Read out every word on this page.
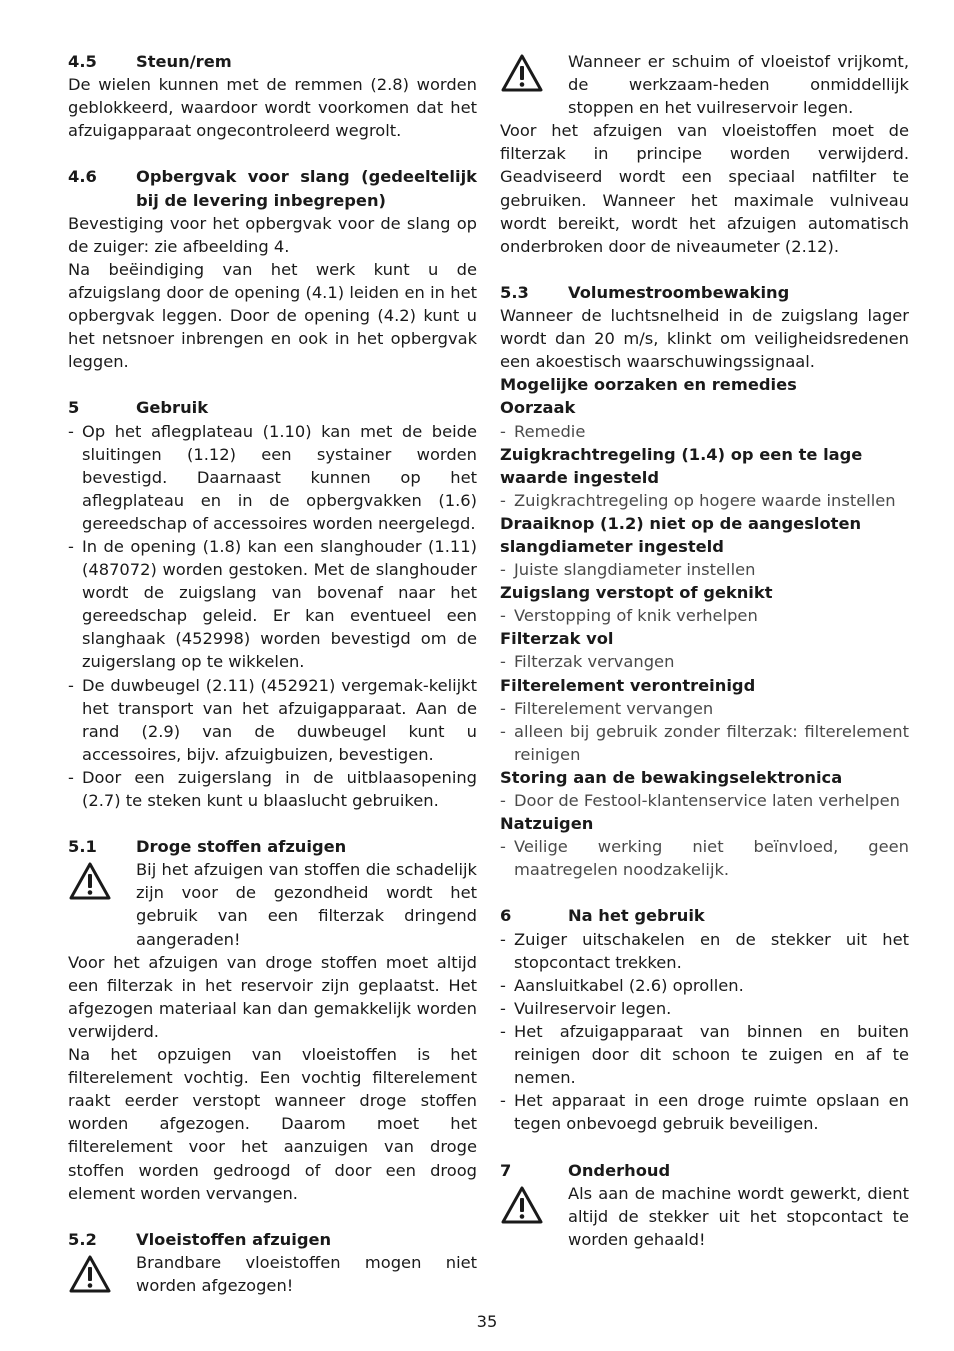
4.5	Steun/rem

De wielen kunnen met de remmen (2.8) worden geblokkeerd, waardoor wordt voorkomen dat het afzuigapparaat ongecontroleerd wegrolt.

4.6	Opbergvak voor slang (gedeeltelijk bij de levering inbegrepen)

Bevestiging voor het opbergvak voor de slang op de zuiger: zie afbeelding 4.

Na beëindiging van het werk kunt u de afzuigslang door de opening (4.1) leiden en in het opbergvak leggen. Door de opening (4.2) kunt u het netsnoer inbrengen en ook in het opbergvak leggen.

5	Gebruik
- Op het aflegplateau (1.10) kan met de beide sluitingen (1.12) een systainer worden bevestigd. Daarnaast kunnen op het aflegplateau en in de opbergvakken (1.6) gereedschap of accessoires worden neergelegd.
- In de opening (1.8) kan een slanghouder (1.11) (487072) worden gestoken. Met de slanghouder wordt de zuigslang van bovenaf naar het gereedschap geleid. Er kan eventueel een slanghaak (452998) worden bevestigd om de zuigerslang op te wikkelen.
- De duwbeugel (2.11) (452921) vergemak-kelijkt het transport van het afzuigapparaat. Aan de rand (2.9) van de duwbeugel kunt u accessoires, bijv. afzuigbuizen, bevestigen.
- Door een zuigerslang in de uitblaasopening (2.7) te steken kunt u blaaslucht gebruiken.
5.1	Droge stoffen afzuigen
Bij het afzuigen van stoffen die schadelijk zijn voor de gezondheid wordt het gebruik van een filterzak dringend aangeraden!

Voor het afzuigen van droge stoffen moet altijd een filterzak in het reservoir zijn geplaatst. Het afgezogen materiaal kan dan gemakkelijk worden verwijderd.

Na het opzuigen van vloeistoffen is het filterelement vochtig. Een vochtig filterelement raakt eerder verstopt wanneer droge stoffen worden afgezogen. Daarom moet het filterelement voor het aanzuigen van droge stoffen worden gedroogd of door een droog element worden vervangen.

5.2	Vloeistoffen afzuigen
Brandbare vloeistoffen mogen niet worden afgezogen!
Wanneer er schuim of vloeistof vrijkomt, de werkzaam-heden onmiddellijk stoppen en het vuilreservoir legen.

Voor het afzuigen van vloeistoffen moet de filterzak in principe worden verwijderd. Geadviseerd wordt een speciaal natfilter te gebruiken. Wanneer het maximale vulniveau wordt bereikt, wordt het afzuigen automatisch onderbroken door de niveaumeter (2.12).

5.3	Volumestroombewaking

Wanneer de luchtsnelheid in de zuigslang lager wordt dan 20 m/s, klinkt om veiligheidsredenen een akoestisch waarschuwingssignaal.

Mogelijke oorzaken en remedies
Oorzaak
- Remedie
Zuigkrachtregeling (1.4) op een te lage waarde ingesteld
- Zuigkrachtregeling op hogere waarde instellen
Draaiknop (1.2) niet op de aangesloten slangdiameter ingesteld
- Juiste slangdiameter instellen
Zuigslang verstopt of geknikt
- Verstopping of knik verhelpen
Filterzak vol
- Filterzak vervangen
Filterelement verontreinigd
- Filterelement vervangen
- alleen bij gebruik zonder filterzak: filterelement reinigen
Storing aan de bewakingselektronica
- Door de Festool-klantenservice laten verhelpen
Natzuigen
- Veilige werking niet beïnvloed, geen maatregelen noodzakelijk.
6	Na het gebruik
- Zuiger uitschakelen en de stekker uit het stopcontact trekken.
- Aansluitkabel (2.6) oprollen.
- Vuilreservoir legen.
- Het afzuigapparaat van binnen en buiten reinigen door dit schoon te zuigen en af te nemen.
- Het apparaat in een droge ruimte opslaan en tegen onbevoegd gebruik beveiligen.
7	Onderhoud
Als aan de machine wordt gewerkt, dient altijd de stekker uit het stopcontact te worden gehaald!
35
